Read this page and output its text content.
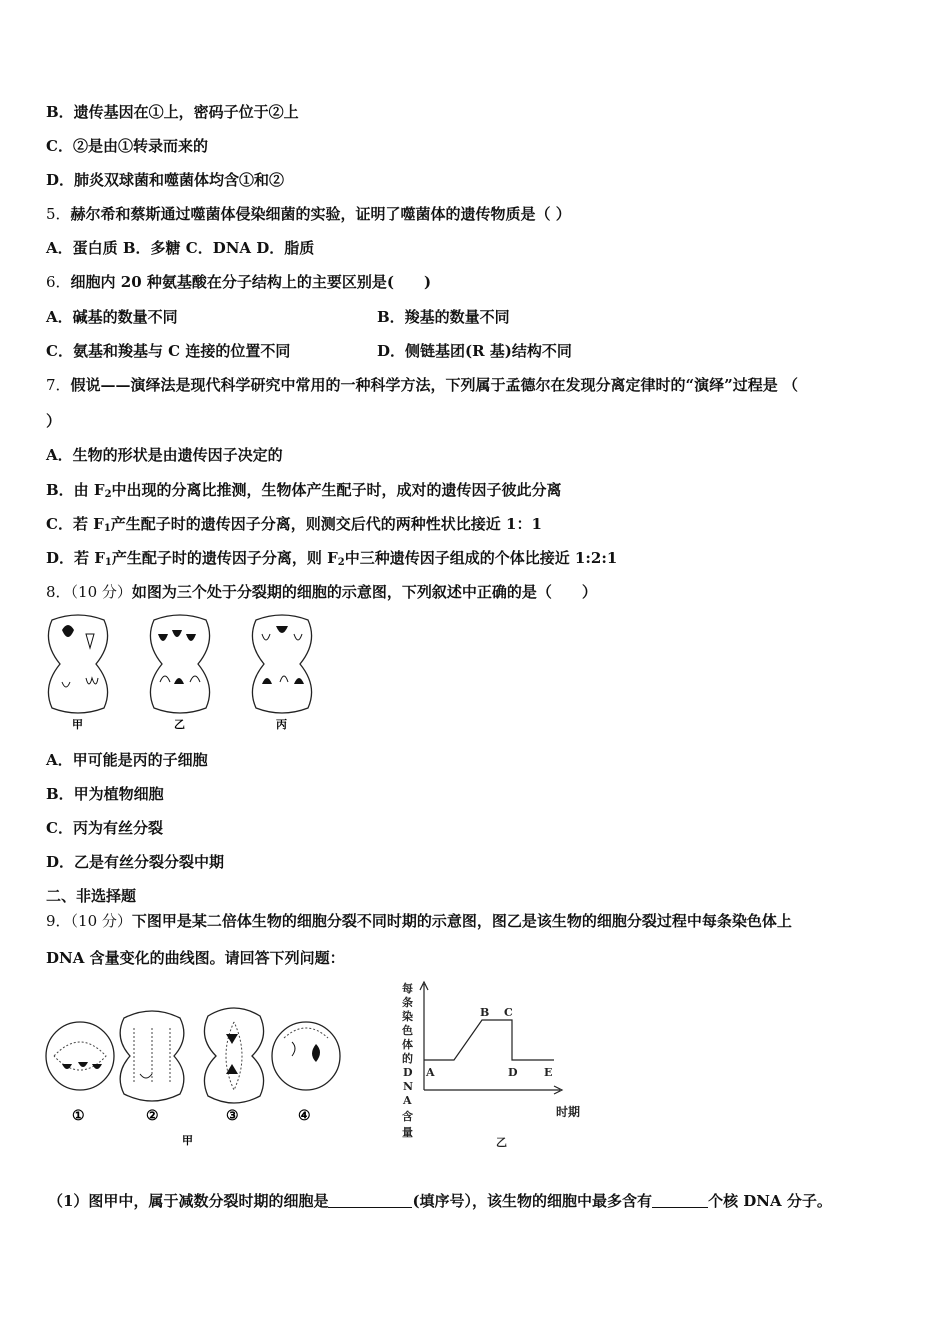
B．遗传基因在①上，密码子位于②上
C．②是由①转录而来的
D．肺炎双球菌和噬菌体均含①和②
5．赫尔希和蔡斯通过噬菌体侵染细菌的实验，证明了噬菌体的遗传物质是（ ）
A．蛋白质 B．多糖 C．DNA D．脂质
6．细胞内 20 种氨基酸在分子结构上的主要区别是(　　)
A．碱基的数量不同	B．羧基的数量不同
C．氨基和羧基与 C 连接的位置不同	D．侧链基团(R 基)结构不同
7．假说——演绎法是现代科学研究中常用的一种科学方法，下列属于孟德尔在发现分离定律时的“演绎”过程是 （
）
A．生物的形状是由遗传因子决定的
B．由 $F_2$中出现的分离比推测，生物体产生配子时，成对的遗传因子彼此分离
C．若 $F_1$产生配子时的遗传因子分离，则测交后代的两种性状比接近 1：1
D．若 $F_1$产生配子时的遗传因子分离，则 $F_2$中三种遗传因子组成的个体比接近 1:2:1
8．（10 分）如图为三个处于分裂期的细胞的示意图，下列叙述中正确的是（　　）
甲	乙	丙
A．甲可能是丙的子细胞
B．甲为植物细胞
C．丙为有丝分裂
D．乙是有丝分裂分裂中期
二、非选择题
9．（10 分）下图甲是某二倍体生物的细胞分裂不同时期的示意图，图乙是该生物的细胞分裂过程中每条染色体上
DNA 含量变化的曲线图。请回答下列问题：
①	②	③	④
甲
每
条
染
色
体
的
D
N
A
含
量
A
B C
D E
时期
乙
（1）图甲中，属于减数分裂时期的细胞是	(填序号），该生物的细胞中最多含有	个核 DNA 分子。
